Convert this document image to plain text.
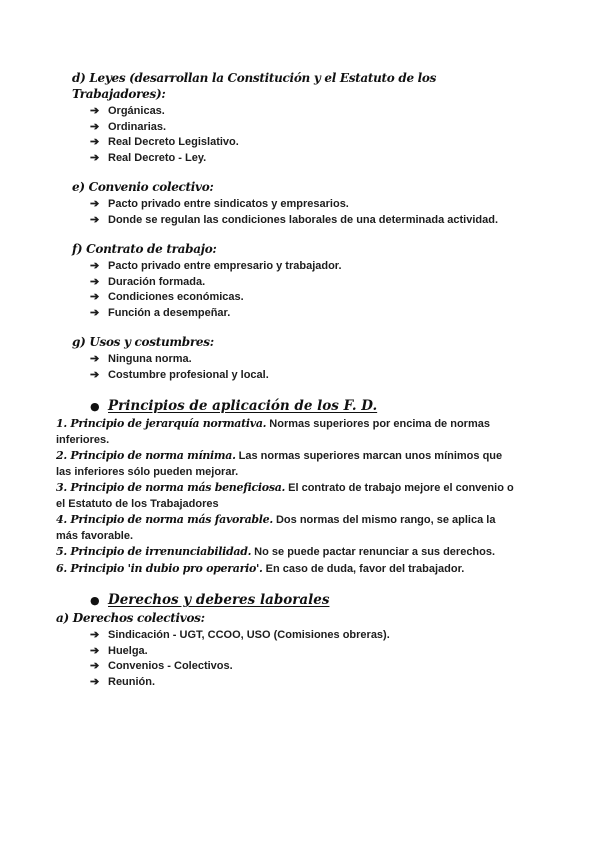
d) Leyes (desarrollan la Constitución y el Estatuto de los Trabajadores):
➔ Orgánicas.
➔ Ordinarias.
➔ Real Decreto Legislativo.
➔ Real Decreto - Ley.
e) Convenio colectivo:
➔ Pacto privado entre sindicatos y empresarios.
➔ Donde se regulan las condiciones laborales de una determinada actividad.
f) Contrato de trabajo:
➔ Pacto privado entre empresario y trabajador.
➔ Duración formada.
➔ Condiciones económicas.
➔ Función a desempeñar.
g) Usos y costumbres:
➔ Ninguna norma.
➔ Costumbre profesional y local.
● Principios de aplicación de los F. D.

1. Principio de jerarquía normativa. Normas superiores por encima de normas inferiores.

2. Principio de norma mínima. Las normas superiores marcan unos mínimos que las inferiores sólo pueden mejorar.

3. Principio de norma más beneficiosa. El contrato de trabajo mejore el convenio o el Estatuto de los Trabajadores

4. Principio de norma más favorable. Dos normas del mismo rango, se aplica la más favorable.

5. Principio de irrenunciabilidad. No se puede pactar renunciar a sus derechos.

6. Principio 'in dubio pro operario'. En caso de duda, favor del trabajador.

● Derechos y deberes laborales
a) Derechos colectivos:
➔ Sindicación - UGT, CCOO, USO (Comisiones obreras).
➔ Huelga.
➔ Convenios - Colectivos.
➔ Reunión.
